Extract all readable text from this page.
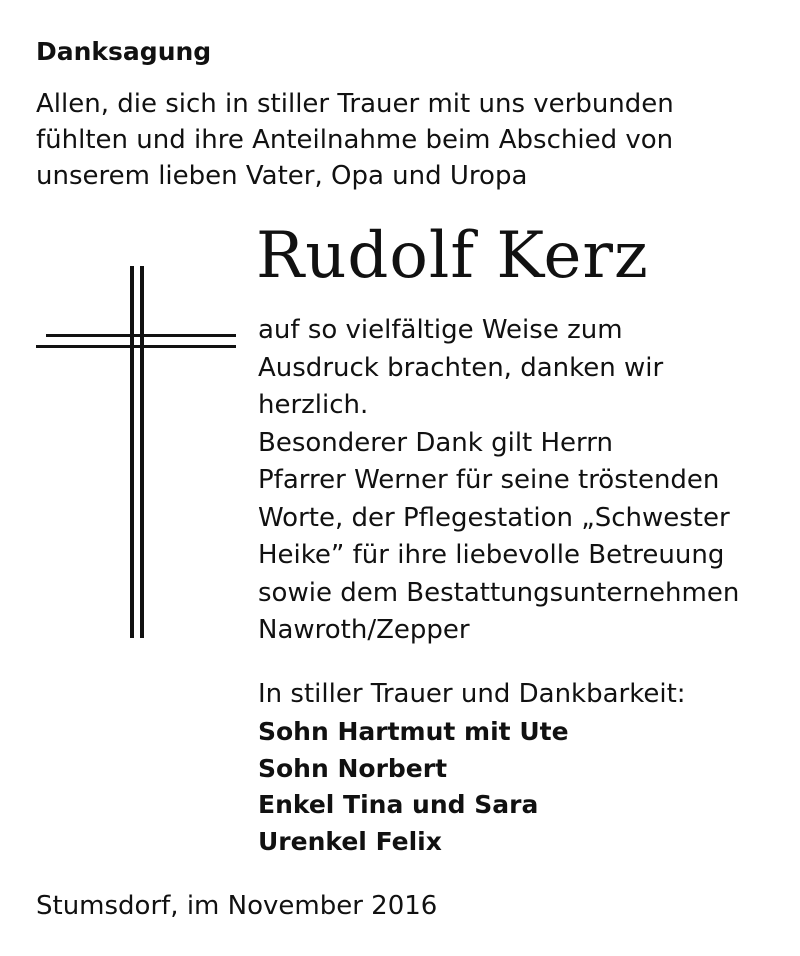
Danksagung
Allen, die sich in stiller Trauer mit uns verbunden
fühlten und ihre Anteilnahme beim Abschied von
unserem lieben Vater, Opa und Uropa
Rudolf Kerz
auf so vielfältige Weise zum
Ausdruck brachten, danken wir
herzlich.
Besonderer Dank gilt Herrn
Pfarrer Werner für seine tröstenden
Worte, der Pflegestation „Schwester
Heike” für ihre liebevolle Betreuung
sowie dem Bestattungsunternehmen
Nawroth/Zepper
In stiller Trauer und Dankbarkeit:
Sohn Hartmut mit Ute
Sohn Norbert
Enkel Tina und Sara
Urenkel Felix
Stumsdorf, im November 2016
